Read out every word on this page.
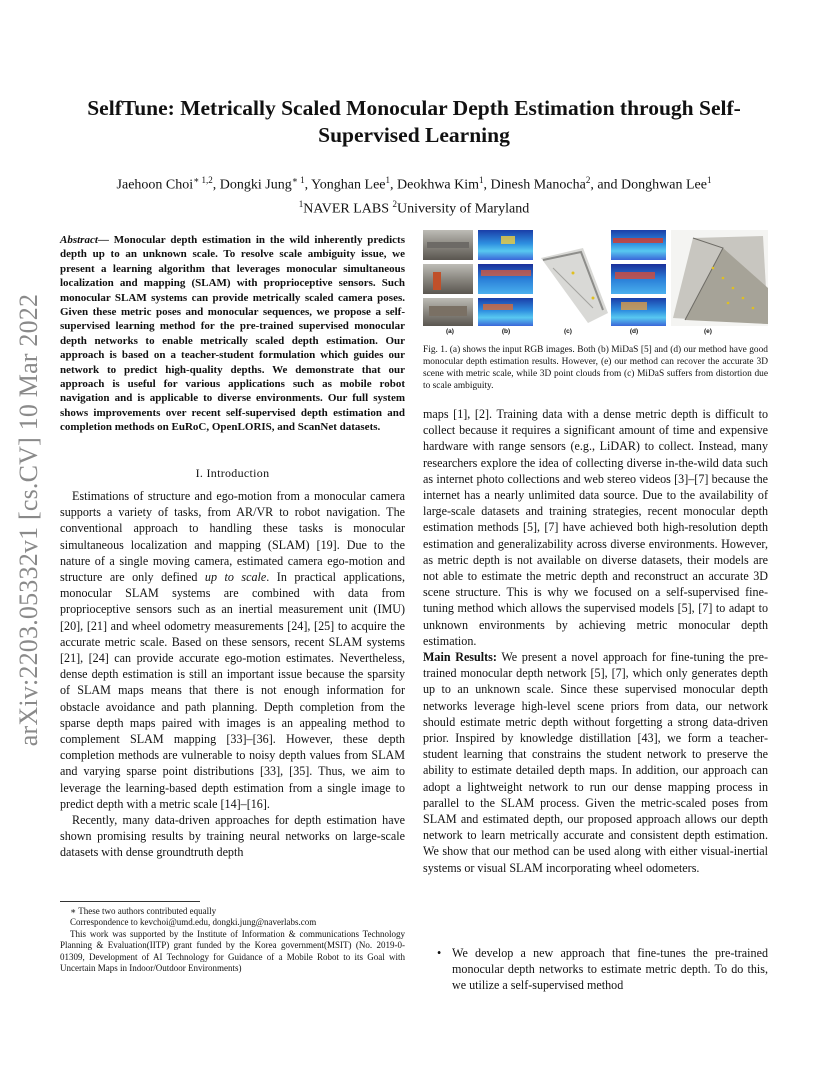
arXiv:2203.05332v1 [cs.CV] 10 Mar 2022
SelfTune: Metrically Scaled Monocular Depth Estimation through Self-Supervised Learning
Jaehoon Choi$^{∗ 1,2}$, Dongki Jung$^{∗ 1}$, Yonghan Lee$^1$, Deokhwa Kim$^1$, Dinesh Manocha$^2$, and Donghwan Lee$^1$
$^1$NAVER LABS $^2$University of Maryland
Abstract— Monocular depth estimation in the wild inherently predicts depth up to an unknown scale. To resolve scale ambiguity issue, we present a learning algorithm that leverages monocular simultaneous localization and mapping (SLAM) with proprioceptive sensors. Such monocular SLAM systems can provide metrically scaled camera poses. Given these metric poses and monocular sequences, we propose a self-supervised learning method for the pre-trained supervised monocular depth networks to enable metrically scaled depth estimation. Our approach is based on a teacher-student formulation which guides our network to predict high-quality depths. We demonstrate that our approach is useful for various applications such as mobile robot navigation and is applicable to diverse environments. Our full system shows improvements over recent self-supervised depth estimation and completion methods on EuRoC, OpenLORIS, and ScanNet datasets.
I. Introduction

Estimations of structure and ego-motion from a monocular camera supports a variety of tasks, from AR/VR to robot navigation. The conventional approach to handling these tasks is monocular simultaneous localization and mapping (SLAM) [19]. Due to the nature of a single moving camera, estimated camera ego-motion and structure are only defined up to scale. In practical applications, monocular SLAM systems are combined with data from proprioceptive sensors such as an inertial measurement unit (IMU) [20], [21] and wheel odometry measurements [24], [25] to acquire the accurate metric scale. Based on these sensors, recent SLAM systems [21], [24] can provide accurate ego-motion estimates. Nevertheless, dense depth estimation is still an important issue because the sparsity of SLAM maps means that there is not enough information for obstacle avoidance and path planning. Depth completion from the sparse depth maps paired with images is an appealing method to complement SLAM mapping [33]–[36]. However, these depth completion methods are vulnerable to noisy depth values from SLAM and varying sparse point distributions [33], [35]. Thus, we aim to leverage the learning-based depth estimation from a single image to predict depth with a metric scale [14]–[16].

Recently, many data-driven approaches for depth estimation have shown promising results by training neural networks on large-scale datasets with dense groundtruth depth

∗ These two authors contributed equally

Correspondence to kevchoi@umd.edu, dongki.jung@naverlabs.com

This work was supported by the Institute of Information & communications Technology Planning & Evaluation(IITP) grant funded by the Korea government(MSIT) (No. 2019-0-01309, Development of AI Technology for Guidance of a Mobile Robot to its Goal with Uncertain Maps in Indoor/Outdoor Environments)

(a)	(b)	(c)	(d)	(e)
Fig. 1. (a) shows the input RGB images. Both (b) MiDaS [5] and (d) our method have good monocular depth estimation results. However, (e) our method can recover the accurate 3D scene with metric scale, while 3D point clouds from (c) MiDaS suffers from distortion due to scale ambiguity.

maps [1], [2]. Training data with a dense metric depth is difficult to collect because it requires a significant amount of time and expensive hardware with range sensors (e.g., LiDAR) to collect. Instead, many researchers explore the idea of collecting diverse in-the-wild data such as internet photo collections and web stereo videos [3]–[7] because the internet has a nearly unlimited data source. Due to the availability of large-scale datasets and training strategies, recent monocular depth estimation methods [5], [7] have achieved both high-resolution depth estimation and generalizability across diverse environments. However, as metric depth is not available on diverse datasets, their models are not able to estimate the metric depth and reconstruct an accurate 3D scene structure. This is why we focused on a self-supervised fine-tuning method which allows the supervised models [5], [7] to adapt to unknown environments by achieving metric monocular depth estimation.

Main Results: We present a novel approach for fine-tuning the pre-trained monocular depth network [5], [7], which only generates depth up to an unknown scale. Since these supervised monocular depth networks leverage high-level scene priors from data, our network should estimate metric depth without forgetting a strong data-driven prior. Inspired by knowledge distillation [43], we form a teacher-student learning that constrains the student network to preserve the ability to estimate detailed depth maps. In addition, our approach can adopt a lightweight network to run our dense mapping process in parallel to the SLAM process. Given the metric-scaled poses from SLAM and estimated depth, our proposed approach allows our depth network to learn metrically accurate and consistent depth estimation. We show that our method can be used along with either visual-inertial systems or visual SLAM incorporating wheel odometers.

• We develop a new approach that fine-tunes the pre-trained monocular depth networks to estimate metric depth. To do this, we utilize a self-supervised method
